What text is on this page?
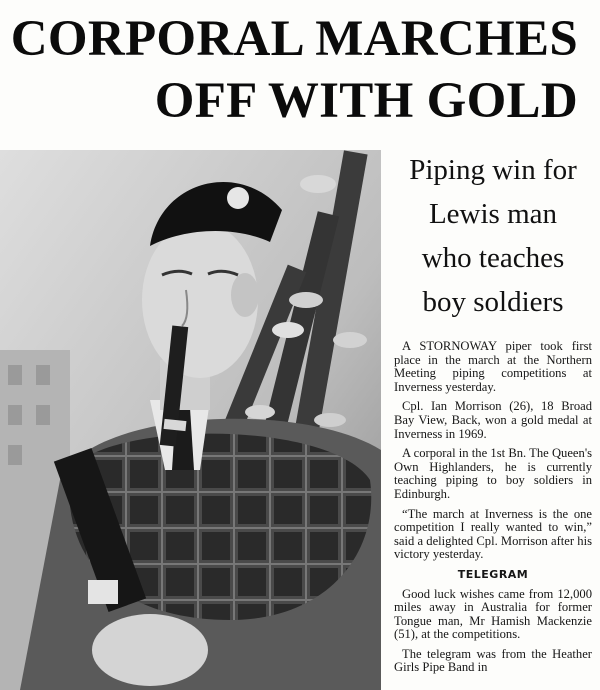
CORPORAL MARCHES
OFF WITH GOLD
Piping win for
Lewis man
who teaches
boy soldiers

A STORNOWAY piper took first place in the march at the Northern Meeting piping competitions at Inverness yesterday.

Cpl. Ian Morrison (26), 18 Broad Bay View, Back, won a gold medal at Inverness in 1969.

A corporal in the 1st Bn. The Queen's Own Highlanders, he is currently teaching piping to boy soldiers in Edinburgh.

“The march at Inverness is the one competition I really wanted to win,” said a delighted Cpl. Morrison after his victory yesterday.

TELEGRAM

Good luck wishes came from 12,000 miles away in Australia for former Tongue man, Mr Hamish Mackenzie (51), at the competitions.

The telegram was from the Heather Girls Pipe Band in
